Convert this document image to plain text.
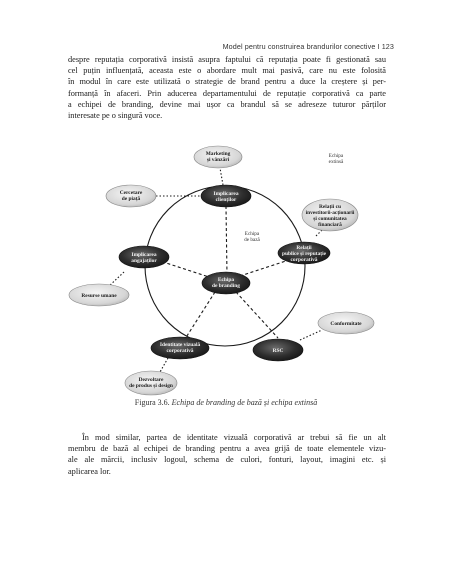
Model pentru construirea brandurilor conective I 123
despre reputația corporativă insistă asupra faptului că reputația poate fi gestionată sau
cel puțin influențată, aceasta este o abordare mult mai pasivă, care nu este folosită
în modul în care este utilizată o strategie de brand pentru a duce la creștere și per-
formanță în afaceri. Prin aducerea departamentului de reputație corporativă ca parte
a echipei de branding, devine mai ușor ca brandul să se adreseze tuturor părților
interesate pe o singură voce.
Implicarea
clienților
Relații
publice și reputație
corporativă
RSC
Identitate vizuală
corporativă
Implicarea
angajaților
Echipa
de branding
Marketing
și vânzări
Cercetare
de piață
Relații cu
investitorii-acționarii
și comunitatea
financiară
Resurse umane
Conformitate
Dezvoltare
de produs și design
Echipa
extinsă
Echipa
de bază
Figura 3.6. Echipa de branding de bază și echipa extinsă
În mod similar, partea de identitate vizuală corporativă ar trebui să fie un alt
membru de bază al echipei de branding pentru a avea grijă de toate elementele vizu-
ale ale mărcii, inclusiv logoul, schema de culori, fonturi, layout, imagini etc. și
aplicarea lor.
